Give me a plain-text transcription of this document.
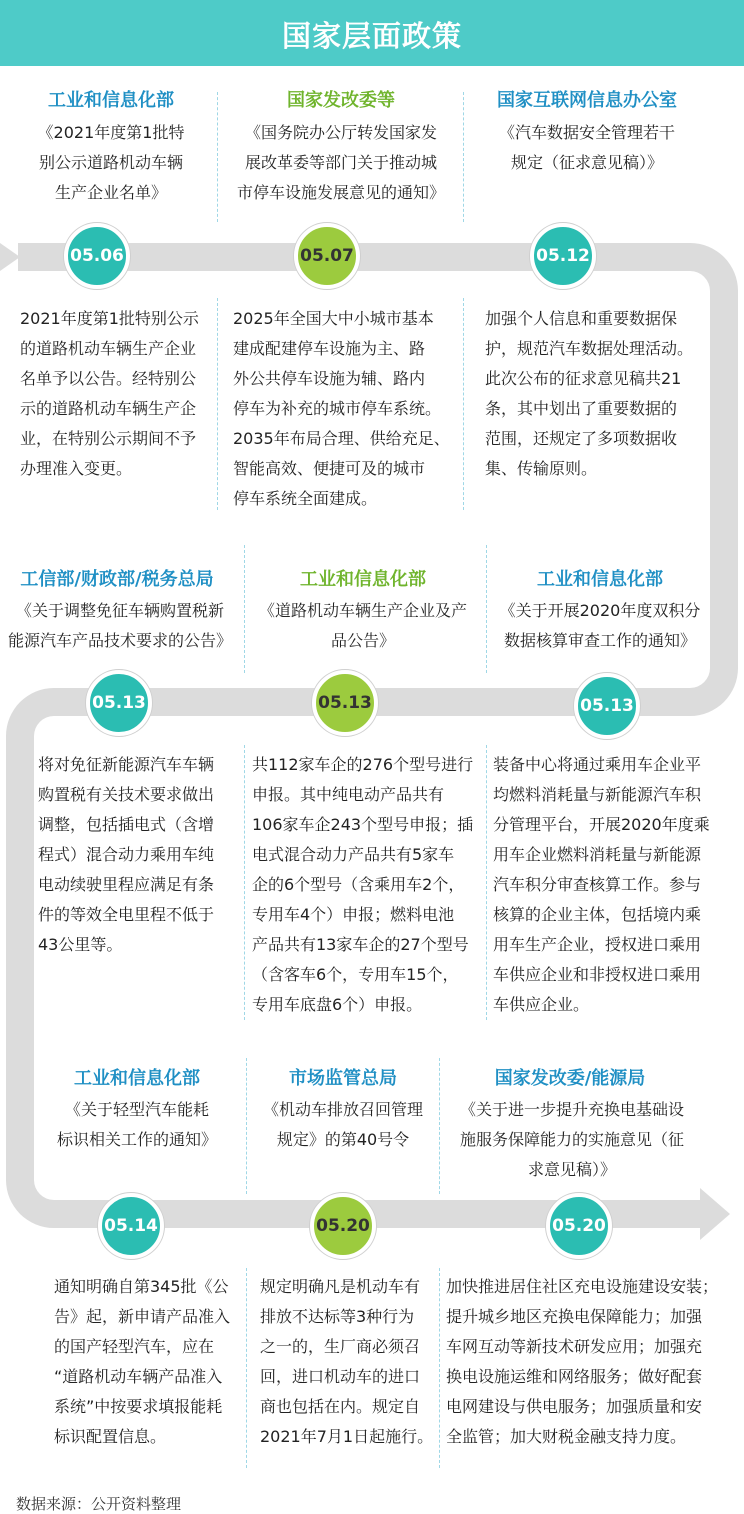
国家层面政策
工业和信息化部
《2021年度第1批特
别公示道路机动车辆
生产企业名单》
国家发改委等
《国务院办公厅转发国家发
展改革委等部门关于推动城
市停车设施发展意见的通知》
国家互联网信息办公室
《汽车数据安全管理若干
规定（征求意见稿）》
05.06	05.07	05.12
2021年度第1批特别公示
的道路机动车辆生产企业
名单予以公告。经特别公
示的道路机动车辆生产企
业，在特别公示期间不予
办理准入变更。
2025年全国大中小城市基本
建成配建停车设施为主、路
外公共停车设施为辅、路内
停车为补充的城市停车系统。
2035年布局合理、供给充足、
智能高效、便捷可及的城市
停车系统全面建成。
加强个人信息和重要数据保
护，规范汽车数据处理活动。
此次公布的征求意见稿共21
条，其中划出了重要数据的
范围，还规定了多项数据收
集、传输原则。
工信部/财政部/税务总局
《关于调整免征车辆购置税新
能源汽车产品技术要求的公告》
工业和信息化部
《道路机动车辆生产企业及产
品公告》
工业和信息化部
《关于开展2020年度双积分
数据核算审查工作的通知》
05.13	05.13	05.13
将对免征新能源汽车车辆
购置税有关技术要求做出
调整，包括插电式（含增
程式）混合动力乘用车纯
电动续驶里程应满足有条
件的等效全电里程不低于
43公里等。
共112家车企的276个型号进行
申报。其中纯电动产品共有
106家车企243个型号申报；插
电式混合动力产品共有5家车
企的6个型号（含乘用车2个，
专用车4个）申报；燃料电池
产品共有13家车企的27个型号
（含客车6个，专用车15个，
专用车底盘6个）申报。
装备中心将通过乘用车企业平
均燃料消耗量与新能源汽车积
分管理平台，开展2020年度乘
用车企业燃料消耗量与新能源
汽车积分审查核算工作。参与
核算的企业主体，包括境内乘
用车生产企业，授权进口乘用
车供应企业和非授权进口乘用
车供应企业。
工业和信息化部
《关于轻型汽车能耗
标识相关工作的通知》
市场监管总局
《机动车排放召回管理
规定》的第40号令
国家发改委/能源局
《关于进一步提升充换电基础设
施服务保障能力的实施意见（征
求意见稿）》
05.14	05.20	05.20
通知明确自第345批《公
告》起，新申请产品准入
的国产轻型汽车，应在
“道路机动车辆产品准入
系统”中按要求填报能耗
标识配置信息。
规定明确凡是机动车有
排放不达标等3种行为
之一的，生厂商必须召
回，进口机动车的进口
商也包括在内。规定自
2021年7月1日起施行。
加快推进居住社区充电设施建设安装；
提升城乡地区充换电保障能力；加强
车网互动等新技术研发应用；加强充
换电设施运维和网络服务；做好配套
电网建设与供电服务；加强质量和安
全监管；加大财税金融支持力度。
数据来源：公开资料整理
